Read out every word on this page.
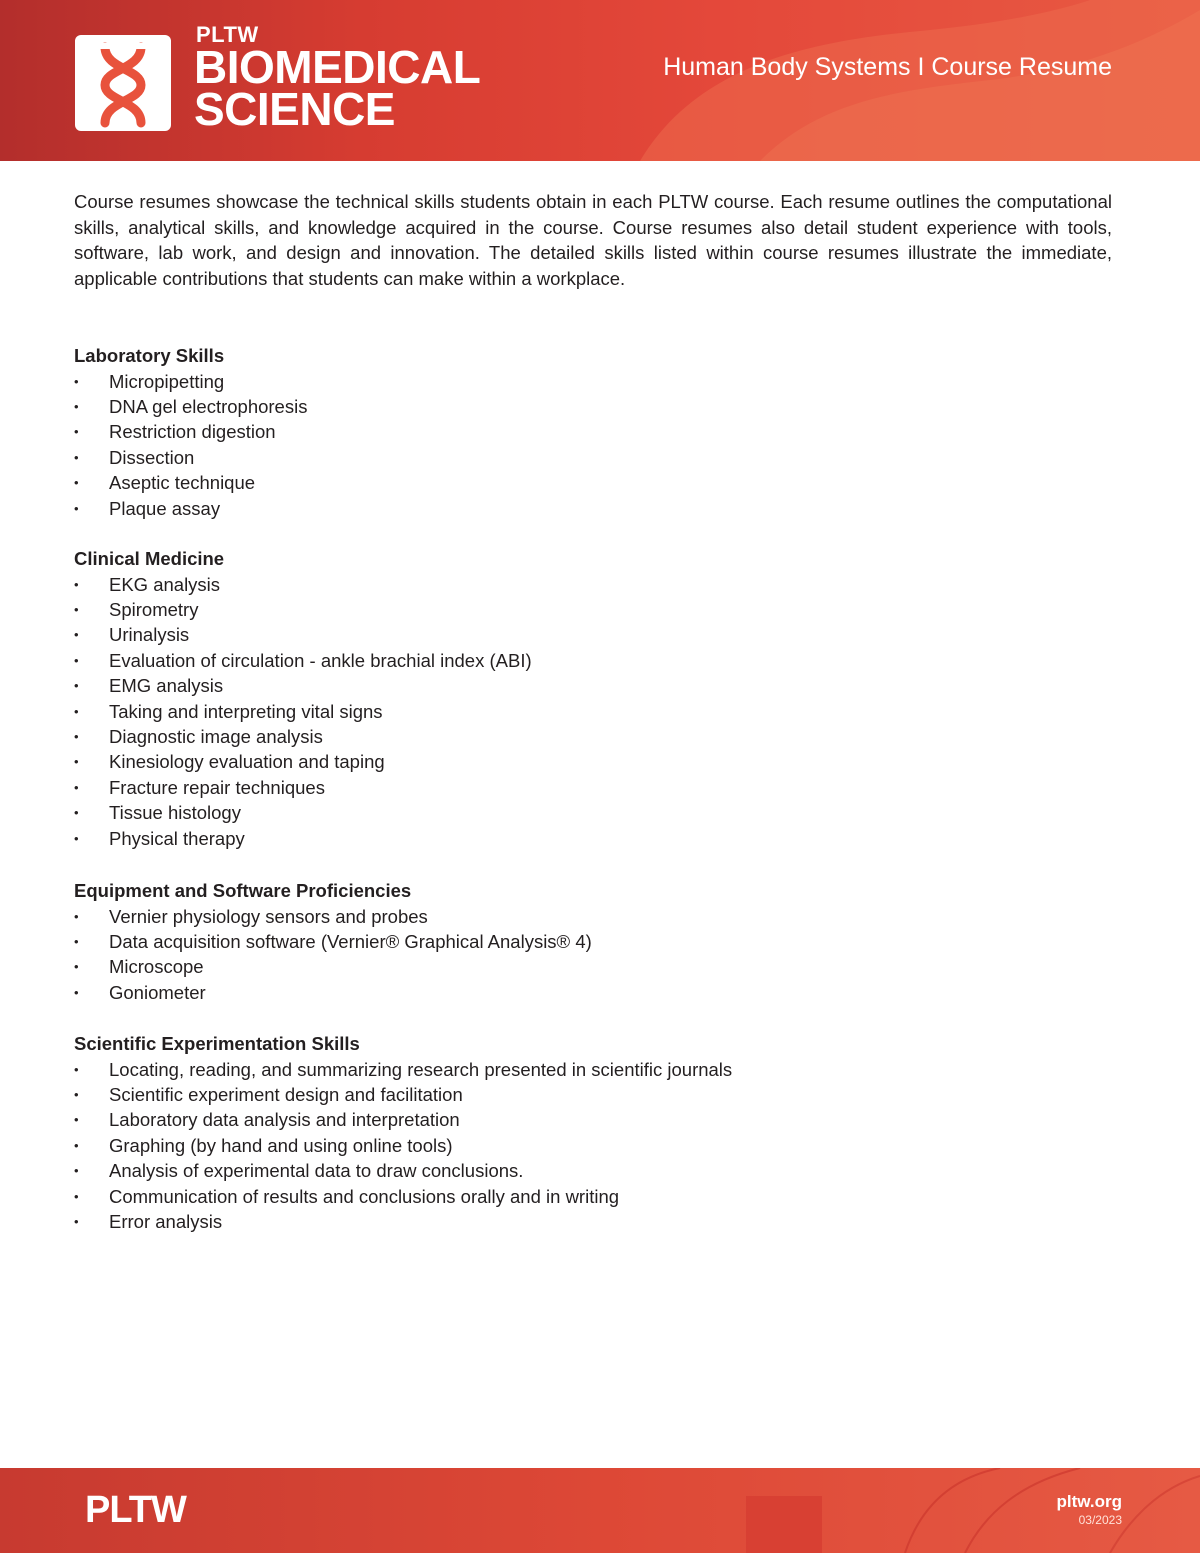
PLTW
BIOMEDICAL
SCIENCE
Human Body Systems I Course Resume

Course resumes showcase the technical skills students obtain in each PLTW course. Each resume outlines the computational skills, analytical skills, and knowledge acquired in the course. Course resumes also detail student experience with tools, software, lab work, and design and innovation. The detailed skills listed within course resumes illustrate the immediate, applicable contributions that students can make within a workplace.

Laboratory Skills
• Micropipetting
• DNA gel electrophoresis
• Restriction digestion
• Dissection
• Aseptic technique
• Plaque assay
Clinical Medicine
• EKG analysis
• Spirometry
• Urinalysis
• Evaluation of circulation - ankle brachial index (ABI)
• EMG analysis
• Taking and interpreting vital signs
• Diagnostic image analysis
• Kinesiology evaluation and taping
• Fracture repair techniques
• Tissue histology
• Physical therapy
Equipment and Software Proficiencies
• Vernier physiology sensors and probes
• Data acquisition software (Vernier® Graphical Analysis® 4)
• Microscope
• Goniometer
Scientific Experimentation Skills
• Locating, reading, and summarizing research presented in scientific journals
• Scientific experiment design and facilitation
• Laboratory data analysis and interpretation
• Graphing (by hand and using online tools)
• Analysis of experimental data to draw conclusions.
• Communication of results and conclusions orally and in writing
• Error analysis
PLTW	pltw.org
03/2023
